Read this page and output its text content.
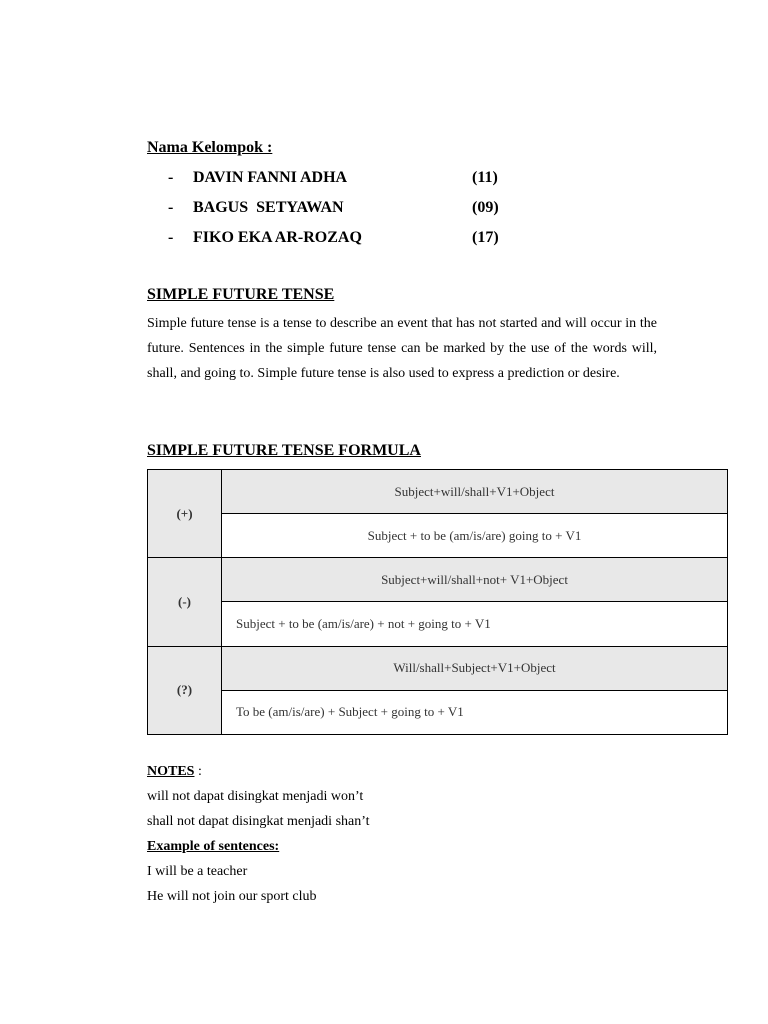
Nama Kelompok :
- DAVIN FANNI ADHA	(11)
- BAGUS  SETYAWAN	(09)
- FIKO EKA AR-ROZAQ	(17)
SIMPLE FUTURE TENSE
Simple future tense is a tense to describe an event that has not started and will occur in the future. Sentences in the simple future tense can be marked by the use of the words will, shall, and going to. Simple future tense is also used to express a prediction or desire.
SIMPLE FUTURE TENSE FORMULA
(+)	Subject+will/shall+V1+Object
	Subject + to be (am/is/are) going to + V1
(-)	Subject+will/shall+not+ V1+Object
	Subject + to be (am/is/are) + not + going to + V1
(?)	Will/shall+Subject+V1+Object
	To be (am/is/are) + Subject + going to + V1
NOTES :
will not dapat disingkat menjadi won’t
shall not dapat disingkat menjadi shan’t
Example of sentences:
I will be a teacher
He will not join our sport club
